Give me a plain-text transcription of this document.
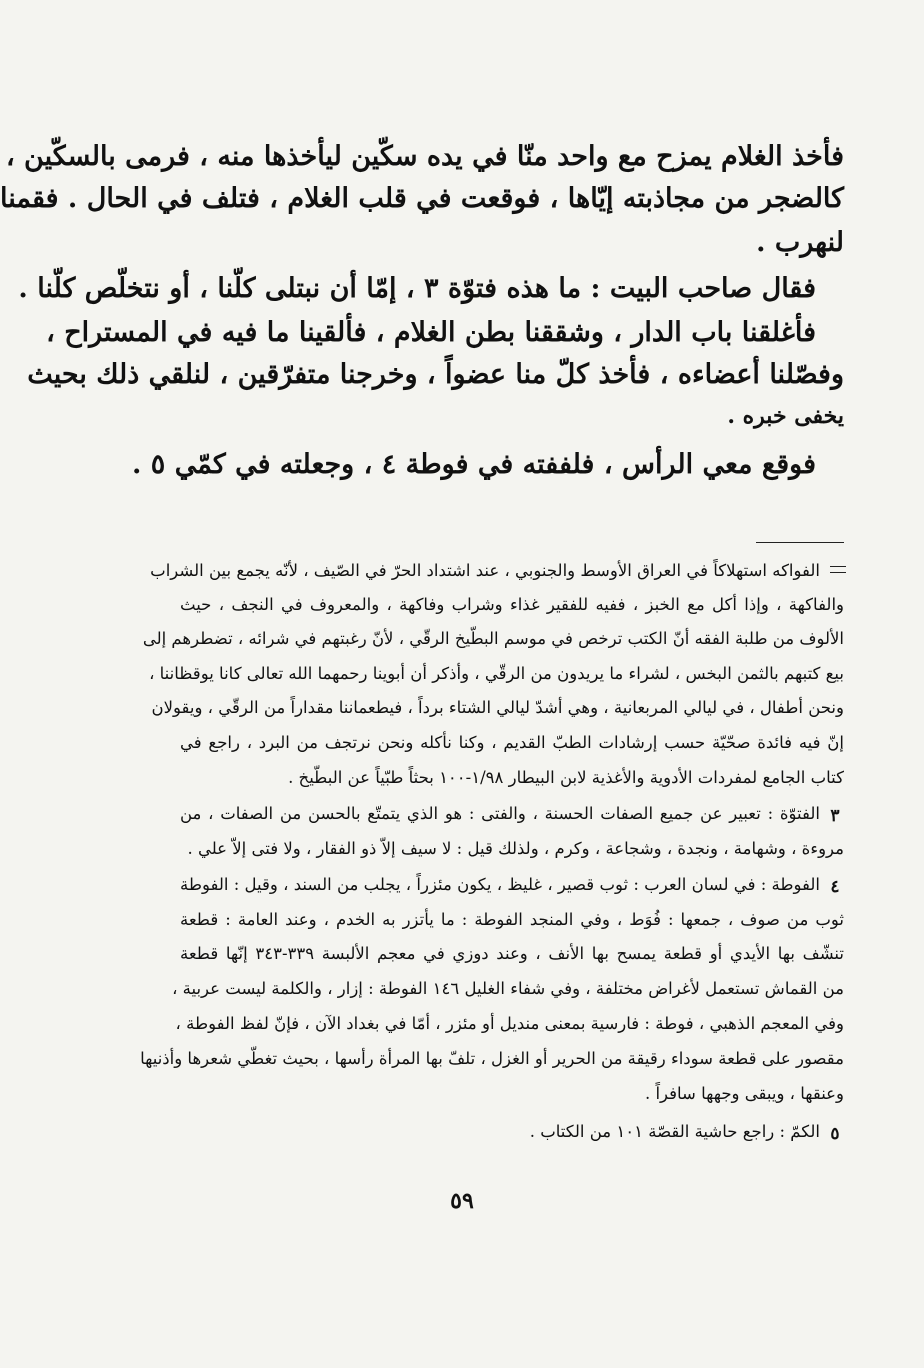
فأخذ الغلام يمزح مع واحد منّا في يده سكّين ليأخذها منه ، فرمى بالسكّين ،
كالضجر من مجاذبته إيّاها ، فوقعت في قلب الغلام ، فتلف في الحال . فقمنا
لنهرب .
فقال صاحب البيت : ما هذه فتوّة ٣ ، إمّا أن نبتلى كلّنا ، أو نتخلّص كلّنا .
فأغلقنا باب الدار ، وشققنا بطن الغلام ، فألقينا ما فيه في المستراح ،
وفصّلنا أعضاءه ، فأخذ كلّ منا عضواً ، وخرجنا متفرّقين ، لنلقي ذلك بحيث
يخفى خبره .
فوقع معي الرأس ، فلففته في فوطة ٤ ، وجعلته في كمّي ٥ .
الفواكه استهلاكاً في العراق الأوسط والجنوبي ، عند اشتداد الحرّ في الصّيف ، لأنّه يجمع بين الشراب
والفاكهة ، وإذا أكل مع الخبز ، ففيه للفقير غذاء وشراب وفاكهة ، والمعروف في النجف ، حيث
الألوف من طلبة الفقه أنّ الكتب ترخص في موسم البطّيخ الرقّي ، لأنّ رغبتهم في شرائه ، تضطرهم إلى
بيع كتبهم بالثمن البخس ، لشراء ما يريدون من الرقّي ، وأذكر أن أبوينا رحمهما الله تعالى كانا يوقظاننا ،
ونحن أطفال ، في ليالي المربعانية ، وهي أشدّ ليالي الشتاء برداً ، فيطعماننا مقداراً من الرقّي ، ويقولان
إنّ فيه فائدة صحّيّة حسب إرشادات الطبّ القديم ، وكنا نأكله ونحن نرتجف من البرد ، راجع في
كتاب الجامع لمفردات الأدوية والأغذية لابن البيطار ١/٩٨-١٠٠ بحثاً طبّياً عن البطّيخ .
٣
الفتوّة : تعبير عن جميع الصفات الحسنة ، والفتى : هو الذي يتمتّع بالحسن من الصفات ، من
مروءة ، وشهامة ، ونجدة ، وشجاعة ، وكرم ، ولذلك قيل : لا سيف إلاّ ذو الفقار ، ولا فتى إلاّ علي .
٤
الفوطة : في لسان العرب : ثوب قصير ، غليظ ، يكون مئزراً ، يجلب من السند ، وقيل : الفوطة
ثوب من صوف ، جمعها : فُوَط ، وفي المنجد الفوطة : ما يأتزر به الخدم ، وعند العامة : قطعة
تنشّف بها الأيدي أو قطعة يمسح بها الأنف ، وعند دوزي في معجم الألبسة ٣٣٩-٣٤٣ إنّها قطعة
من القماش تستعمل لأغراض مختلفة ، وفي شفاء الغليل ١٤٦ الفوطة : إزار ، والكلمة ليست عربية ،
وفي المعجم الذهبي ، فوطة : فارسية بمعنى منديل أو مئزر ، أمّا في بغداد الآن ، فإنّ لفظ الفوطة ،
مقصور على قطعة سوداء رقيقة من الحرير أو الغزل ، تلفّ بها المرأة رأسها ، بحيث تغطّي شعرها وأذنيها
وعنقها ، ويبقى وجهها سافراً .
٥
الكمّ : راجع حاشية القصّة ١٠١ من الكتاب .
٥٩
